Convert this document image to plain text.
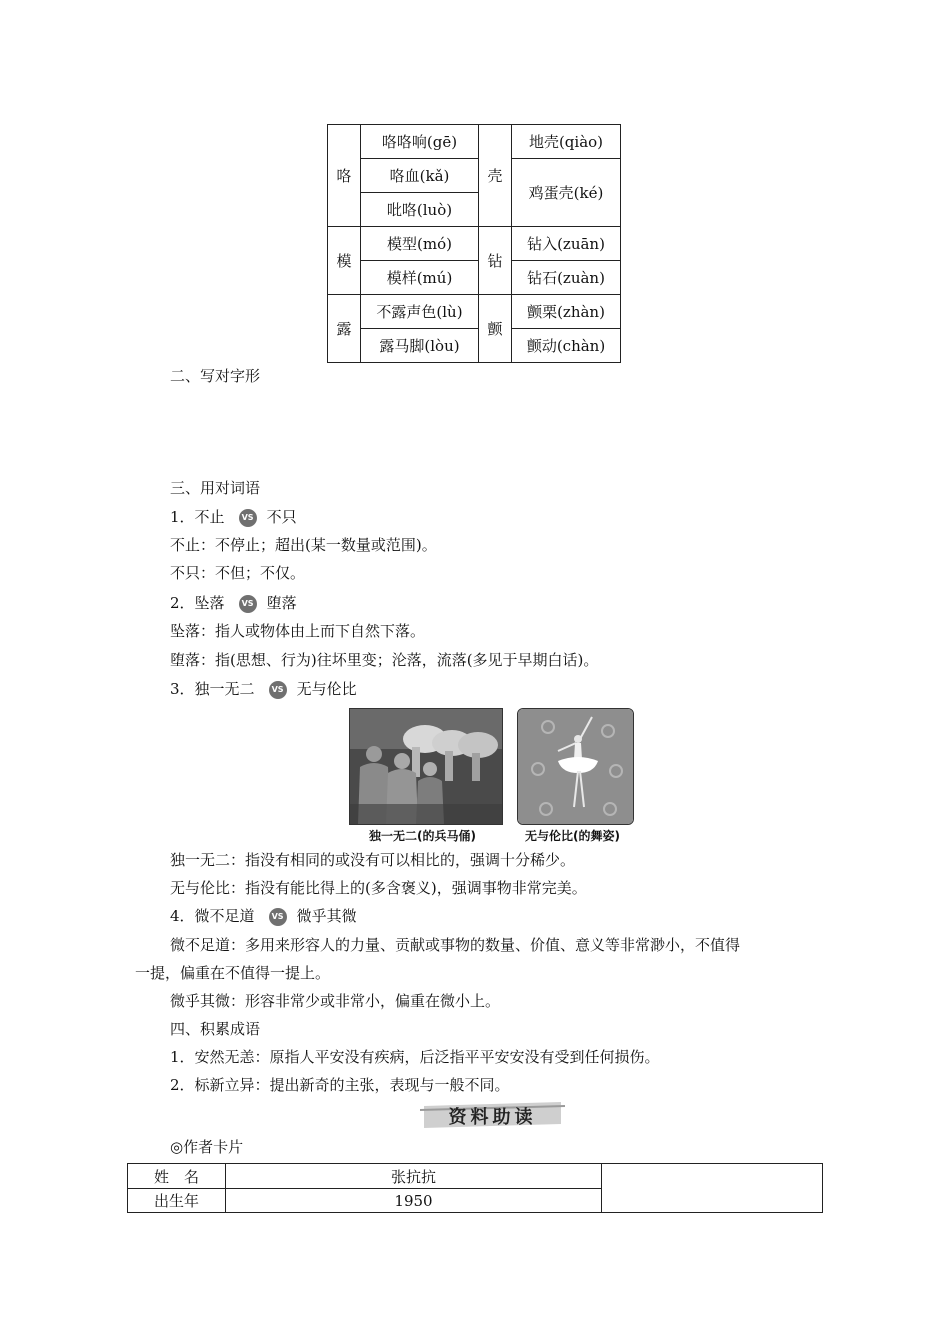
咯	咯咯响(gē)	壳	地壳(qiào)
	咯血(kǎ)		鸡蛋壳(ké)
	吡咯(luò)		
模	模型(mó)	钻	钻入(zuān)
	模样(mú)		钻石(zuàn)
露	不露声色(lù)	颤	颤栗(zhàn)
	露马脚(lòu)		颤动(chàn)
二、写对字形
三、用对词语
1．不止 VS 不只
不止：不停止；超出(某一数量或范围)。
不只：不但；不仅。
2．坠落 VS 堕落
坠落：指人或物体由上而下自然下落。
堕落：指(思想、行为)往坏里变；沦落，流落(多见于早期白话)。
3．独一无二 VS 无与伦比
独一无二(的兵马俑)	无与伦比(的舞姿)
独一无二：指没有相同的或没有可以相比的，强调十分稀少。
无与伦比：指没有能比得上的(多含褒义)，强调事物非常完美。
4．微不足道 VS 微乎其微
微不足道：多用来形容人的力量、贡献或事物的数量、价值、意义等非常渺小，不值得
一提，偏重在不值得一提上。
微乎其微：形容非常少或非常小，偏重在微小上。
四、积累成语
1．安然无恙：原指人平安没有疾病，后泛指平平安安没有受到任何损伤。
2．标新立异：提出新奇的主张，表现与一般不同。
资料助读
◎作者卡片
姓　名	张抗抗	
出生年	1950	
